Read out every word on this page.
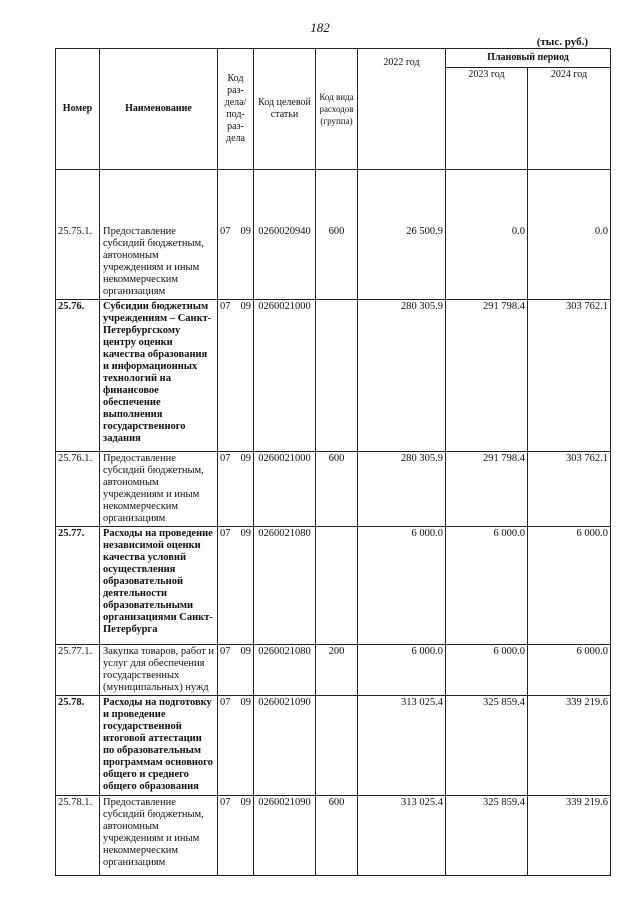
182
(тыс. руб.)
Номер	Наименование	Код раз-дела/ под-раз-дела	Код целевой статьи	Код вида расходов (группа)	2022 год	Плановый период	
						2023 год	2024 год
25.75.1.	Предоставление субсидий бюджетным, автономным учреждениям и иным некоммерческим организациям	07 09	0260020940	600	26 500.9	0.0	0.0
25.76.	Субсидии бюджетным учреждениям – Санкт-Петербургскому центру оценки качества образования и информационных технологий на финансовое обеспечение выполнения государственного задания	07 09	0260021000		280 305.9	291 798.4	303 762.1
25.76.1.	Предоставление субсидий бюджетным, автономным учреждениям и иным некоммерческим организациям	07 09	0260021000	600	280 305.9	291 798.4	303 762.1
25.77.	Расходы на проведение независимой оценки качества условий осуществления образовательной деятельности образовательными организациями Санкт-Петербурга	07 09	0260021080		6 000.0	6 000.0	6 000.0
25.77.1.	Закупка товаров, работ и услуг для обеспечения государственных (муниципальных) нужд	07 09	0260021080	200	6 000.0	6 000.0	6 000.0
25.78.	Расходы на подготовку и проведение государственной итоговой аттестации по образовательным программам основного общего и среднего общего образования	07 09	0260021090		313 025.4	325 859.4	339 219.6
25.78.1.	Предоставление субсидий бюджетным, автономным учреждениям и иным некоммерческим организациям	07 09	0260021090	600	313 025.4	325 859.4	339 219.6
